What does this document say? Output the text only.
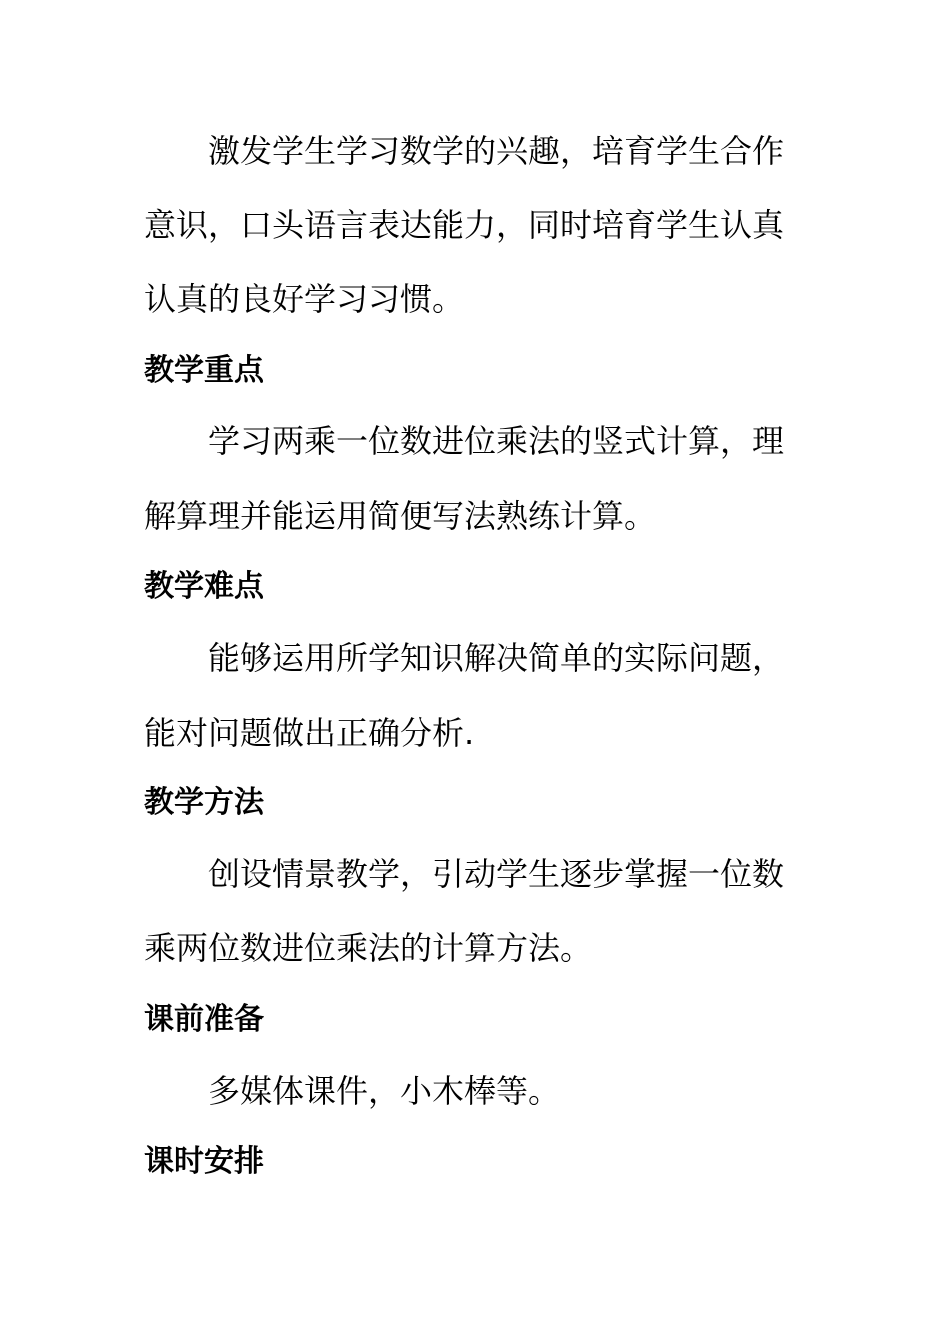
激发学生学习数学的兴趣，培育学生合作
意识，口头语言表达能力，同时培育学生认真
认真的良好学习习惯。
教学重点
学习两乘一位数进位乘法的竖式计算，理
解算理并能运用简便写法熟练计算。
教学难点
能够运用所学知识解决简单的实际问题，
能对问题做出正确分析.
教学方法
创设情景教学，引动学生逐步掌握一位数
乘两位数进位乘法的计算方法。
课前准备
多媒体课件，小木棒等。
课时安排
